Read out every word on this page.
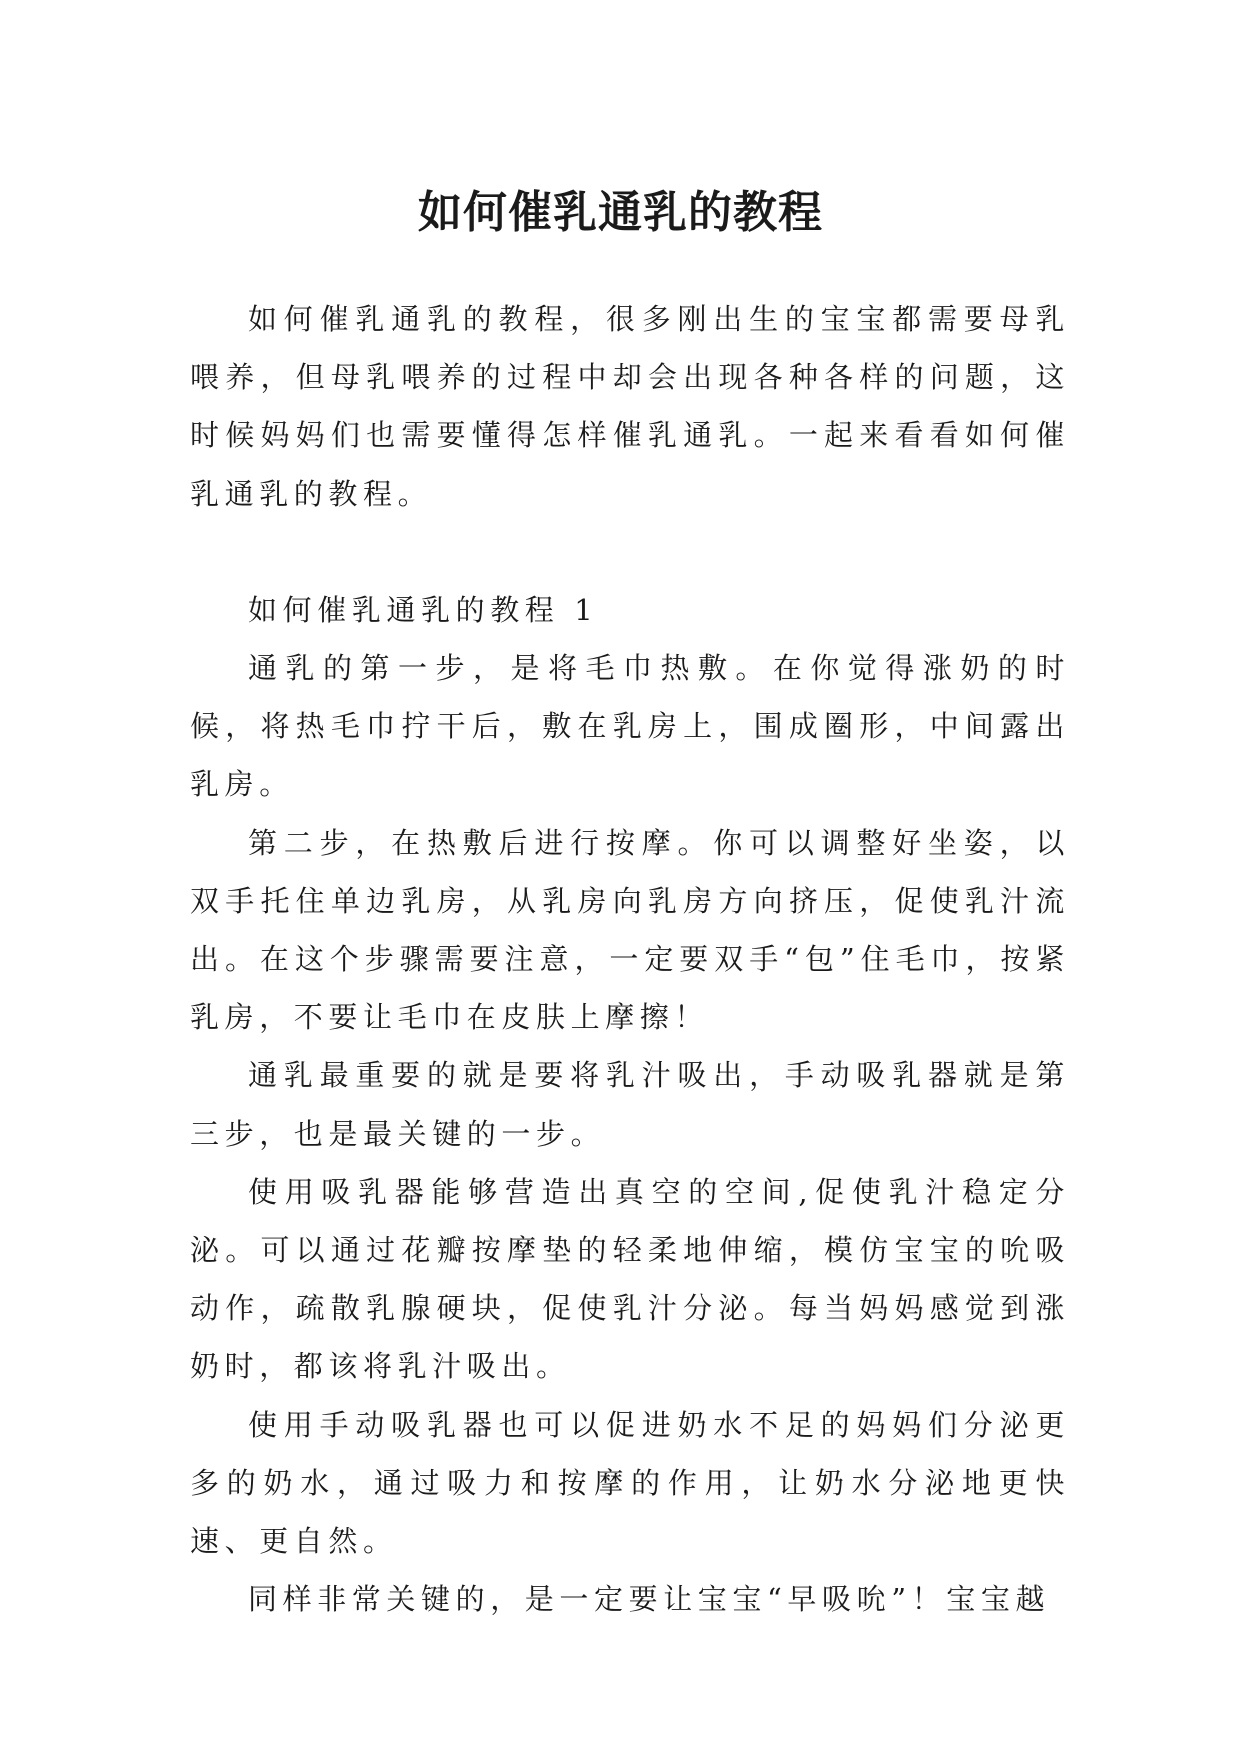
如何催乳通乳的教程

如何催乳通乳的教程，很多刚出生的宝宝都需要母乳喂养，但母乳喂养的过程中却会出现各种各样的问题，这时候妈妈们也需要懂得怎样催乳通乳。一起来看看如何催乳通乳的教程。

如何催乳通乳的教程 1

通乳的第一步，是将毛巾热敷。在你觉得涨奶的时候，将热毛巾拧干后，敷在乳房上，围成圈形，中间露出乳房。

第二步，在热敷后进行按摩。你可以调整好坐姿，以双手托住单边乳房，从乳房向乳房方向挤压，促使乳汁流出。在这个步骤需要注意，一定要双手“包”住毛巾，按紧乳房，不要让毛巾在皮肤上摩擦！

通乳最重要的就是要将乳汁吸出，手动吸乳器就是第三步，也是最关键的一步。

使用吸乳器能够营造出真空的空间,促使乳汁稳定分泌。可以通过花瓣按摩垫的轻柔地伸缩，模仿宝宝的吮吸动作，疏散乳腺硬块，促使乳汁分泌。每当妈妈感觉到涨奶时，都该将乳汁吸出。

使用手动吸乳器也可以促进奶水不足的妈妈们分泌更多的奶水，通过吸力和按摩的作用，让奶水分泌地更快速、更自然。

同样非常关键的，是一定要让宝宝“早吸吮”！宝宝越
